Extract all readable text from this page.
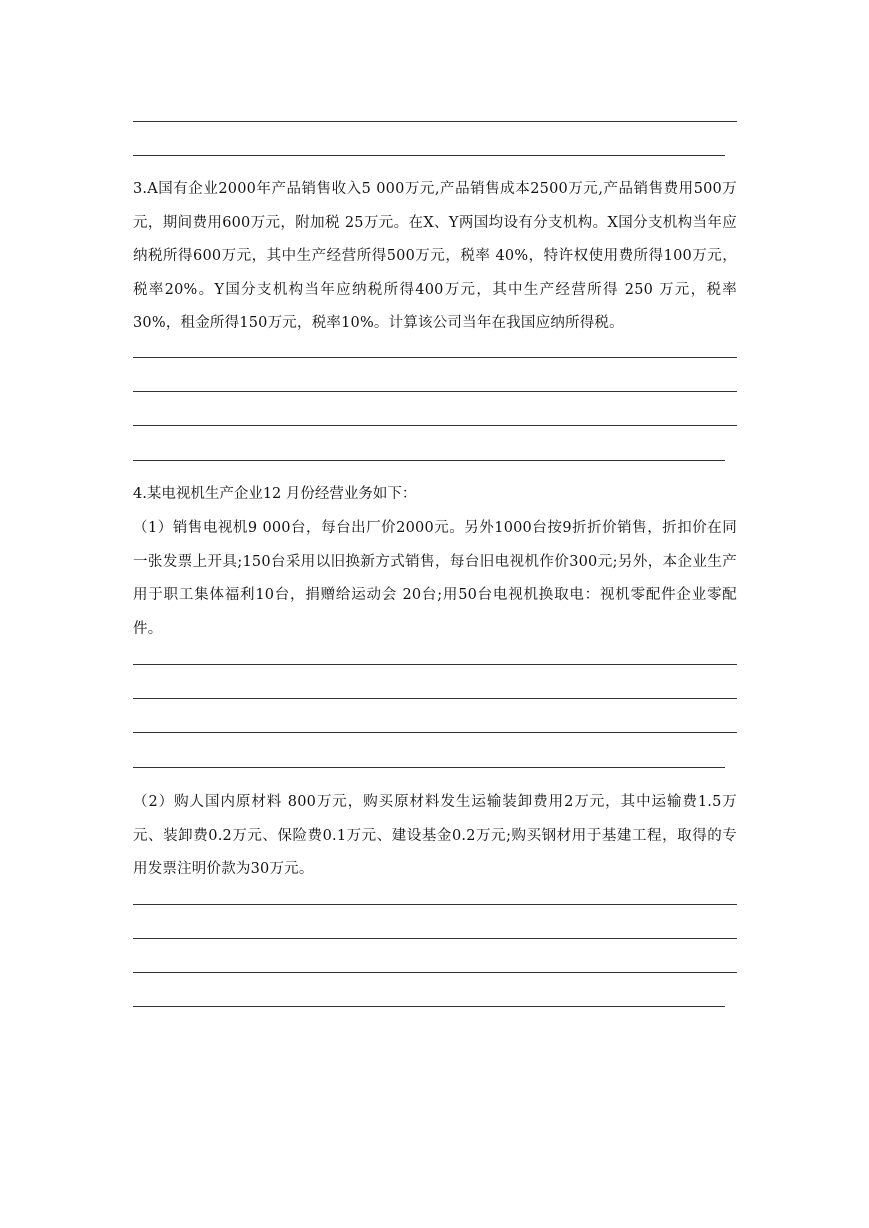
3.A国有企业2000年产品销售收入5 000万元,产品销售成本2500万元,产品销售费用500万元，期间费用600万元，附加税 25万元。在X、Y两国均设有分支机构。X国分支机构当年应纳税所得600万元，其中生产经营所得500万元，税率 40%，特许权使用费所得100万元，税率20%。Y国分支机构当年应纳税所得400万元，其中生产经营所得 250 万元，税率 30%，租金所得150万元，税率10%。计算该公司当年在我国应纳所得税。
4.某电视机生产企业12 月份经营业务如下：
（1）销售电视机9 000台，每台出厂价2000元。另外1000台按9折折价销售，折扣价在同一张发票上开具;150台采用以旧换新方式销售，每台旧电视机作价300元;另外，本企业生产用于职工集体福利10台，捐赠给运动会 20台;用50台电视机换取电：视机零配件企业零配件。
（2）购人国内原材料 800万元，购买原材料发生运输装卸费用2万元，其中运输费1.5万元、装卸费0.2万元、保险费0.1万元、建设基金0.2万元;购买钢材用于基建工程，取得的专用发票注明价款为30万元。
